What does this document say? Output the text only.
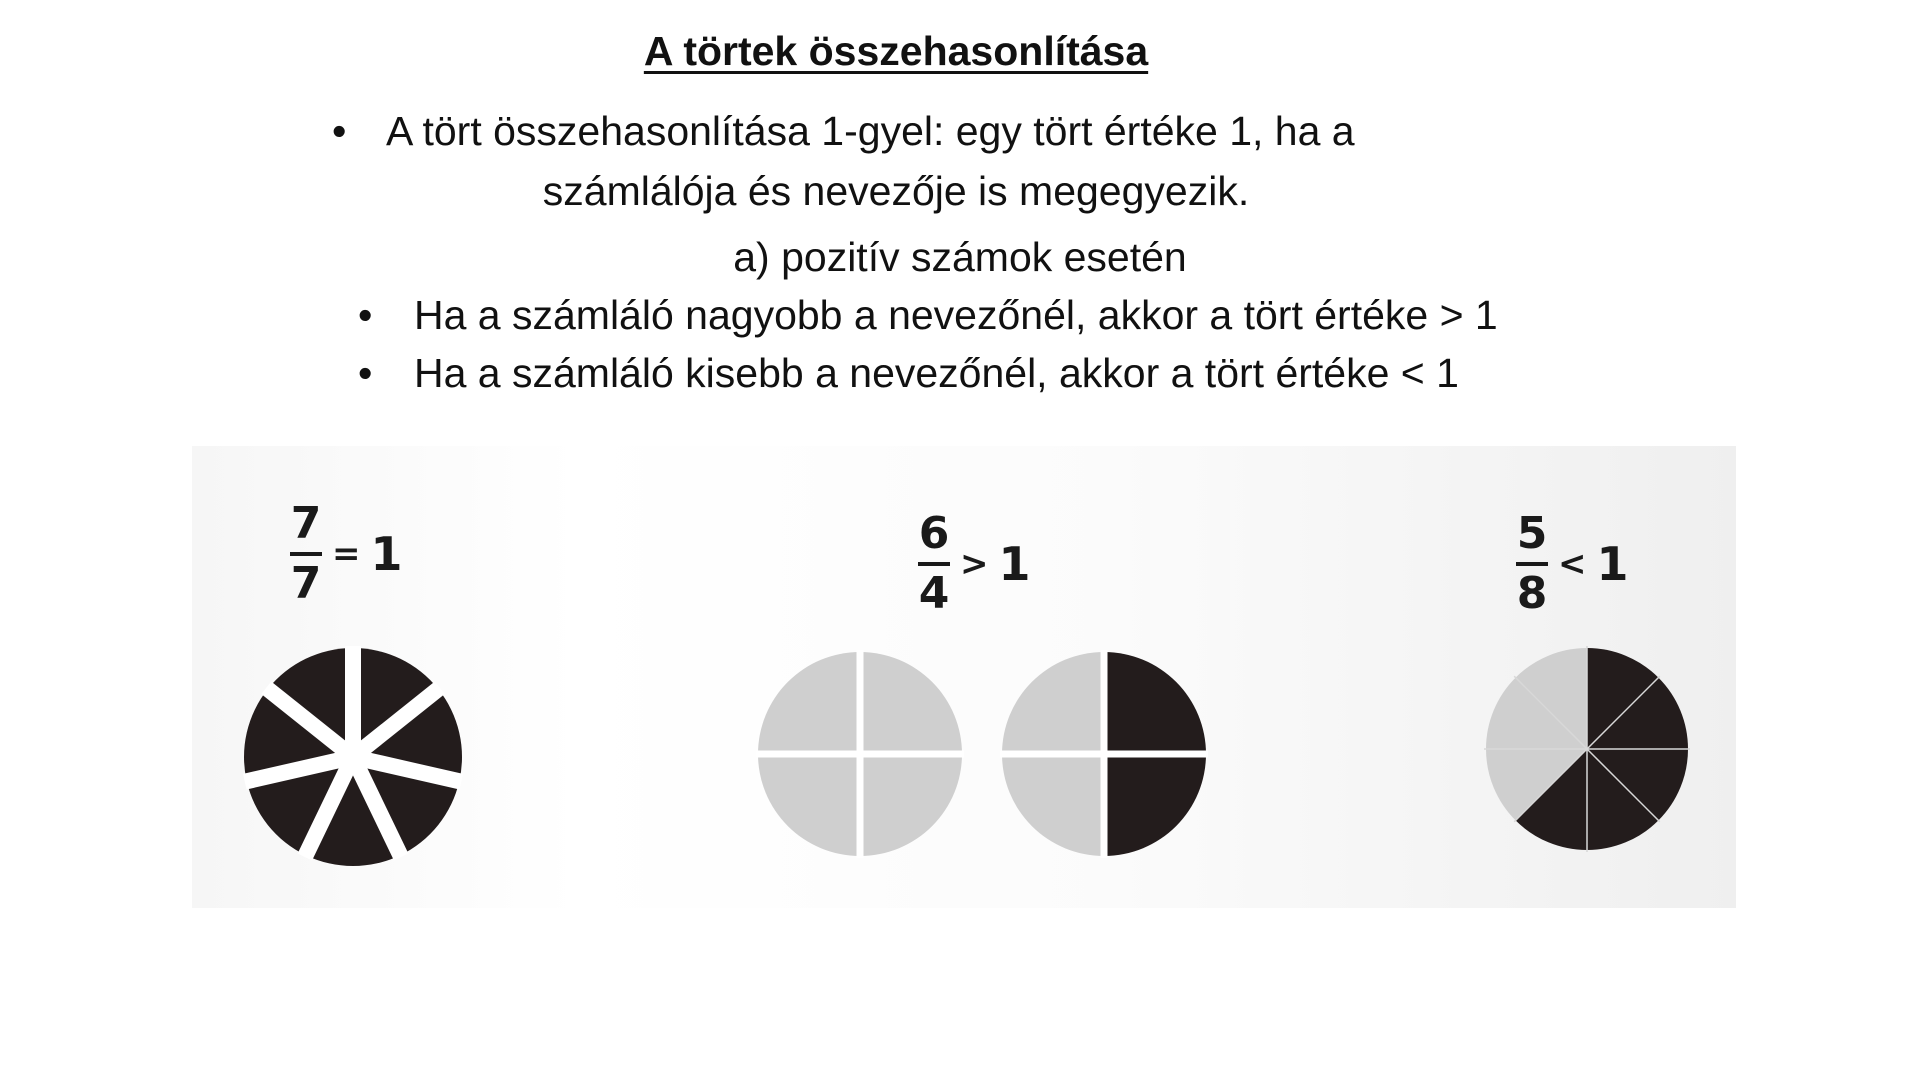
A törtek összehasonlítása
• A tört összehasonlítása 1-gyel: egy tört értéke 1, ha a
számlálója és nevezője is megegyezik.
a) pozitív számok esetén
• Ha a számláló nagyobb a nevezőnél, akkor a tört értéke > 1
• Ha a számláló kisebb a nevezőnél, akkor a tört értéke < 1
$\frac{7}{7} = 1$	$\frac{6}{4} > 1$	$\frac{5}{8} < 1$
